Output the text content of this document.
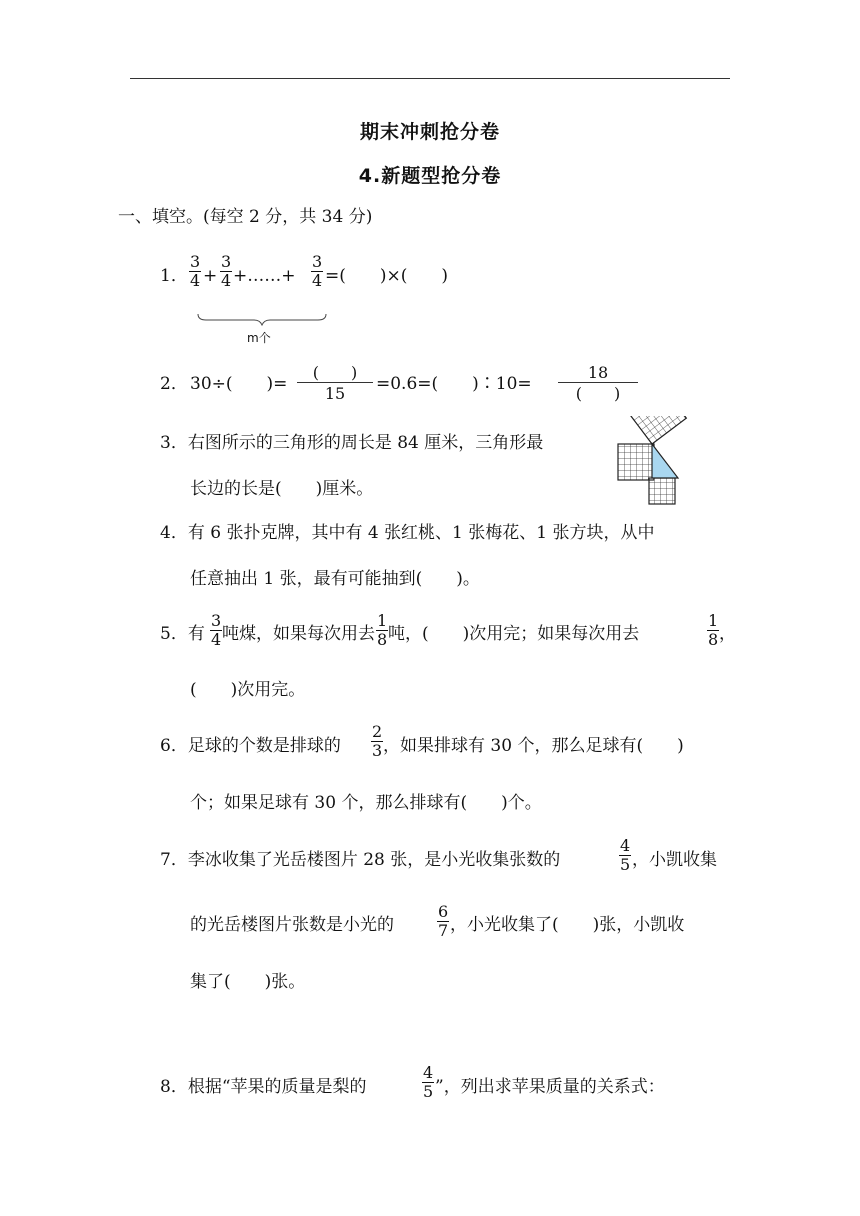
期末冲刺抢分卷
4.新题型抢分卷
一、填空。(每空 2 分，共 34 分)
1． $\frac{3}{4} + \frac{3}{4}$ +……+ $\frac{3}{4}$ =(　　)×(　　)
m个
2． 30÷(　　)=
(　　)
15	=0.6=(　　)∶10=
18
(　　)
3．右图所示的三角形的周长是 84 厘米，三角形最
长边的长是(　　)厘米。
4．有 6 张扑克牌，其中有 4 张红桃、1 张梅花、1 张方块，从中
任意抽出 1 张，最有可能抽到(　　)。
5．有 $\frac{3}{4}$ 吨煤，如果每次用去 $\frac{1}{8}$ 吨，(　　)次用完；如果每次用去	$\frac{1}{8}$ ，
(　　)次用完。
6．足球的个数是排球的 $\frac{2}{3}$ ，如果排球有 30 个，那么足球有(　　)
个；如果足球有 30 个，那么排球有(　　)个。
7．李冰收集了光岳楼图片 28 张，是小光收集张数的	$\frac{4}{5}$ ，小凯收集
的光岳楼图片张数是小光的	$\frac{6}{7}$ ，小光收集了(　　)张，小凯收
集了(　　)张。
8．根据“苹果的质量是梨的	$\frac{4}{5}$ ”，列出求苹果质量的关系式：
